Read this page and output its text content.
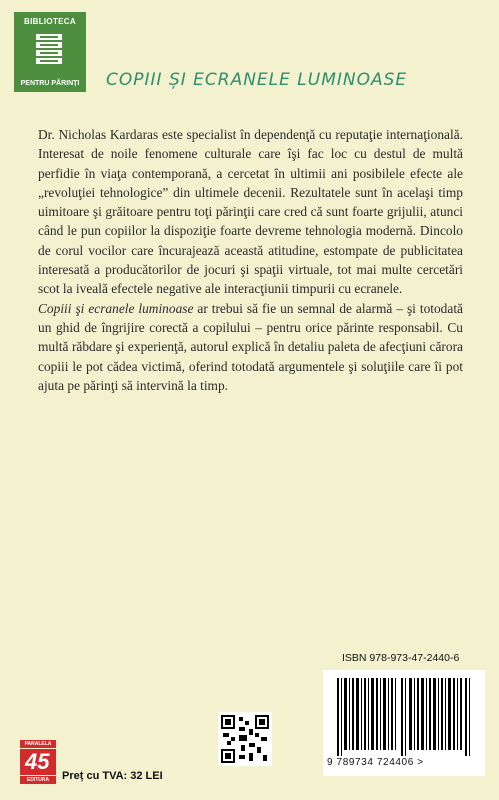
BIBLIOTECA
PENTRU PĂRINȚI	COPIII ȘI ECRANELE LUMINOASE

Dr. Nicholas Kardaras este specialist în dependenţă cu reputaţie internaţională. Interesat de noile fenomene culturale care îşi fac loc cu destul de multă perfidie în viaţa contemporană, a cercetat în ultimii ani posibilele efecte ale „revoluţiei tehnologice” din ultimele decenii. Rezultatele sunt în acelaşi timp uimitoare şi grăitoare pentru toţi părinţii care cred că sunt foarte grijulii, atunci când le pun copiilor la dispoziţie foarte devreme tehnologia modernă. Dincolo de corul vocilor care încurajează această atitudine, estompate de publicitatea interesată a producătorilor de jocuri şi spaţii virtuale, tot mai multe cercetări scot la iveală efectele negative ale interacţiunii timpurii cu ecranele.

Copiii şi ecranele luminoase ar trebui să fie un semnal de alarmă – şi totodată un ghid de îngrijire corectă a copilului – pentru orice părinte responsabil. Cu multă răbdare şi experienţă, autorul explică în detaliu paleta de afecţiuni cărora copiii le pot cădea victimă, oferind totodată argumentele şi soluţiile care îi pot ajuta pe părinţi să intervină la timp.

ISBN 978-973-47-2440-6
9 789734 724406 >
PARALELA
45
EDITURA	Preț cu TVA: 32 LEI
